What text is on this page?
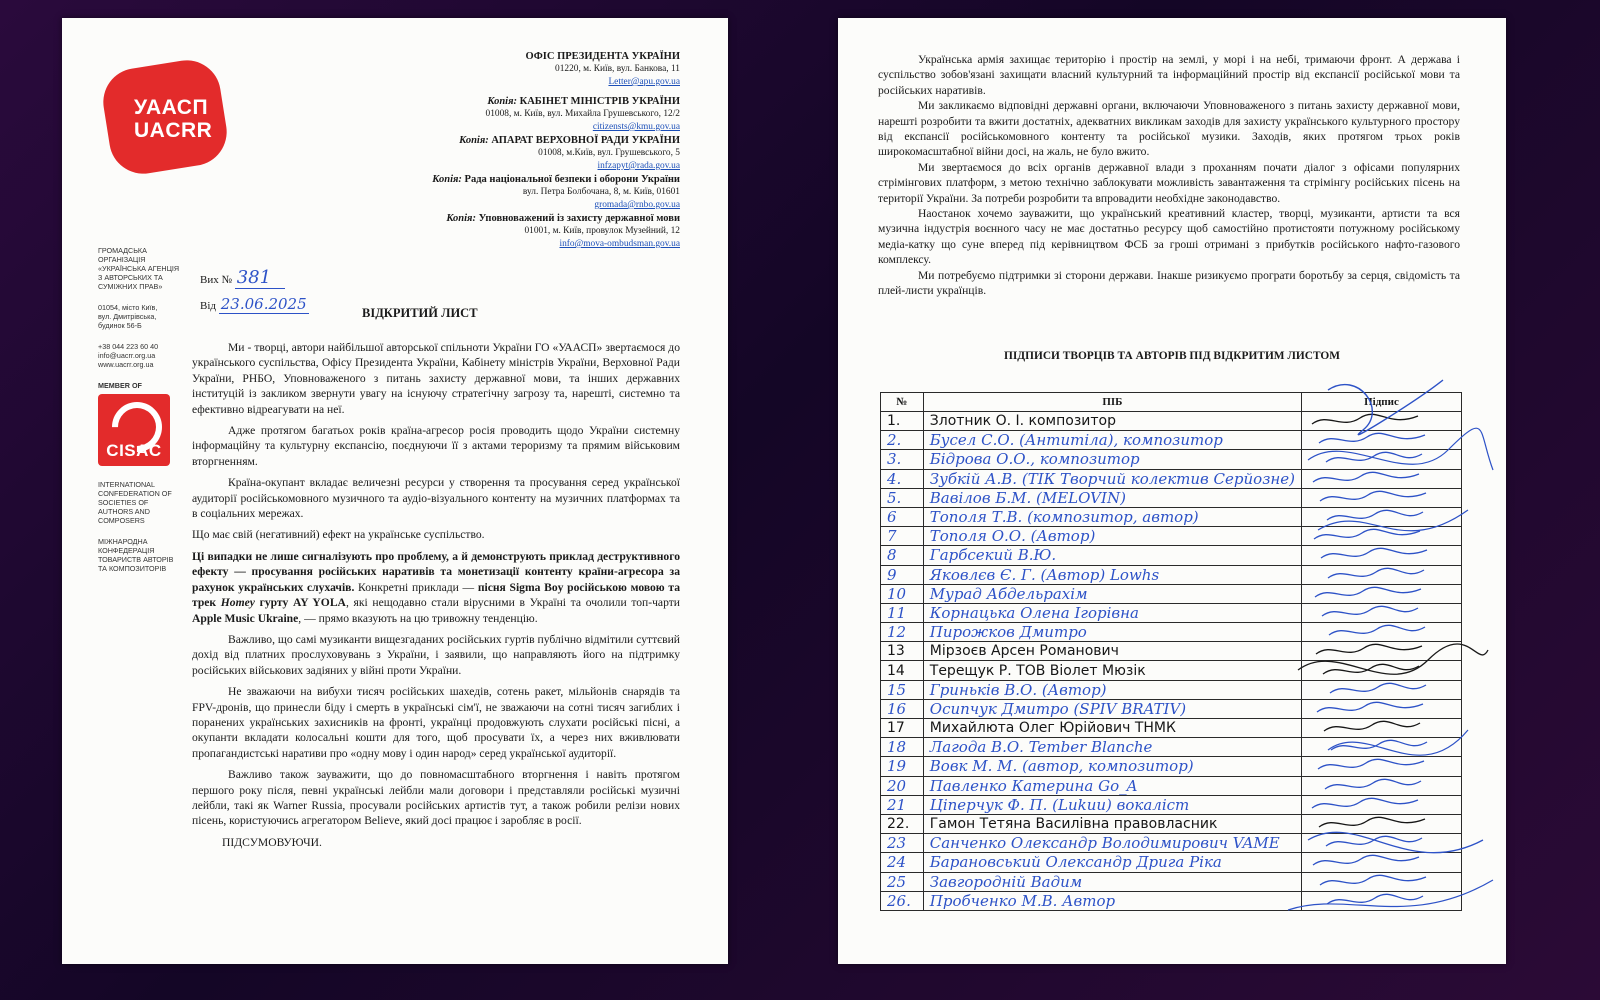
УААСП
UACRR
ГРОМАДСЬКА ОРГАНІЗАЦІЯ «УКРАЇНСЬКА АГЕНЦІЯ З АВТОРСЬКИХ ТА СУМІЖНИХ ПРАВ»
01054, місто Київ,
вул. Дмитрівська,
будинок 56-Б
+38 044 223 60 40
info@uacrr.org.ua
www.uacrr.org.ua
MEMBER OF
CISAC
INTERNATIONAL CONFEDERATION OF SOCIETIES OF AUTHORS AND COMPOSERS
МІЖНАРОДНА КОНФЕДЕРАЦІЯ ТОВАРИСТВ АВТОРІВ ТА КОМПОЗИТОРІВ
ОФІС ПРЕЗИДЕНТА УКРАЇНИ
01220, м. Київ, вул. Банкова, 11
Letter@apu.gov.ua
Копія: КАБІНЕТ МІНІСТРІВ УКРАЇНИ
01008, м. Київ, вул. Михайла Грушевського, 12/2
citizensts@kmu.gov.ua
Копія: АПАРАТ ВЕРХОВНОЇ РАДИ УКРАЇНИ
01008, м.Київ, вул. Грушевського, 5
infzapyt@rada.gov.ua
Копія: Рада національної безпеки і оборони України
вул. Петра Болбочана, 8, м. Київ, 01601
gromada@rnbo.gov.ua
Копія: Уповноважений із захисту державної мови
01001, м. Київ, провулок Музейний, 12
info@mova-ombudsman.gov.ua
Вих № 381
Від 23.06.2025	ВІДКРИТИЙ ЛИСТ

Ми - творці, автори найбільшої авторської спільноти України ГО «УААСП» звертаємося до українського суспільства, Офісу Президента України, Кабінету міністрів України, Верховної Ради України, РНБО, Уповноваженого з питань захисту державної мови, та інших державних інституцій із закликом звернути увагу на існуючу стратегічну загрозу та, нарешті, системно та ефективно відреагувати на неї.

Адже протягом багатьох років країна-агресор росія проводить щодо України системну інформаційну та культурну експансію, поєднуючи її з актами тероризму та прямим військовим вторгненням.

Країна-окупант вкладає величезні ресурси у створення та просування серед української аудиторії російськомовного музичного та аудіо-візуального контенту на музичних платформах та в соціальних мережах.

Що має свій (негативний) ефект на українське суспільство.

Ці випадки не лише сигналізують про проблему, а й демонструють приклад деструктивного ефекту — просування російських наративів та монетизації контенту країни-агресора за рахунок українських слухачів. Конкретні приклади — пісня Sigma Boy російською мовою та трек Homey гурту AY YOLA, які нещодавно стали вірусними в Україні та очолили топ-чарти Apple Music Ukraine, — прямо вказують на цю тривожну тенденцію.

Важливо, що самі музиканти вищезгаданих російських гуртів публічно відмітили суттєвий дохід від платних прослуховувань з України, і заявили, що направляють його на підтримку російських військових задіяних у війні проти України.

Не зважаючи на вибухи тисяч російських шахедів, сотень ракет, мільйонів снарядів та FPV-дронів, що принесли біду і смерть в українські сім'ї, не зважаючи на сотні тисяч загиблих і поранених українських захисників на фронті, українці продовжують слухати російські пісні, а окупанти вкладати колосальні кошти для того, щоб просувати їх, а через них вживлювати пропагандистські наративи про «одну мову і один народ» серед української аудиторії.

Важливо також зауважити, що до повномасштабного вторгнення і навіть протягом першого року після, певні українські лейбли мали договори і представляли російські музичні лейбли, такі як Warner Russia, просували російських артистів тут, а також робили релізи нових пісень, користуючись агрегатором Believe, який досі працює і заробляє в росії.

ПІДСУМОВУЮЧИ.

Українська армія захищає територію і простір на землі, у морі і на небі, тримаючи фронт. А держава і суспільство зобов'язані захищати власний культурний та інформаційний простір від експансії російської мови та російських наративів.

Ми закликаємо відповідні державні органи, включаючи Уповноваженого з питань захисту державної мови, нарешті розробити та вжити достатніх, адекватних викликам заходів для захисту українського культурного простору від експансії російськомовного контенту та російської музики. Заходів, яких протягом трьох років широкомасштабної війни досі, на жаль, не було вжито.

Ми звертаємося до всіх органів державної влади з проханням почати діалог з офісами популярних стрімінгових платформ, з метою технічно заблокувати можливість завантаження та стрімінгу російських пісень на території України. За потреби розробити та впровадити необхідне законодавство.

Наостанок хочемо зауважити, що український креативний кластер, творці, музиканти, артисти та вся музична індустрія воєнного часу не має достатньо ресурсу щоб самостійно протистояти потужному російському медіа-катку що суне вперед під керівництвом ФСБ за гроші отримані з прибутків російського нафто-газового комплексу.

Ми потребуємо підтримки зі сторони держави. Інакше ризикуємо програти боротьбу за серця, свідомість та плей-листи українців.

ПІДПИСИ ТВОРЦІВ ТА АВТОРІВ ПІД ВІДКРИТИМ ЛИСТОМ
№	ПІБ	Підпис
1.	Злотник О. І. композитор	

2.	Бусел С.О. (Антитіла), композитор	

3.	Бідрова О.О., композитор	

4.	Зубкій А.В. (ТІК Творчий колектив Серйозне)	

5.	Вавілов Б.М. (MELOVIN)	

6	Тополя Т.В. (композитор, автор)	

7	Тополя О.О. (Автор)	

8	Гарбсекий В.Ю.	

9	Яковлєв Є. Г. (Автор) Lowhs	

10	Мурад Абдельрахім	

11	Корнацька Олена Ігорівна	

12	Пирожков Дмитро	

13	Мірзоєв Арсен Романович	

14	Терещук Р. ТОВ Віолет Мюзік	

15	Гриньків В.О. (Автор)	

16	Осипчук Дмитро (SPIV BRATIV)	

17	Михайлюта Олег Юрійович ТНМК	

18	Лагода В.О. Tember Blanche	

19	Вовк М. М. (автор, композитор)	

20	Павленко Катерина Go_A	

21	Ціперчук Ф. П. (Lukuu) вокаліст	

22.	Гамон Тетяна Василівна правовласник	

23	Санченко Олександр Володимирович VAME	

24	Барановський Олександр Дрига Ріка	

25	Завгородній Вадим	

26.	Пробченко М.В. Автор	
